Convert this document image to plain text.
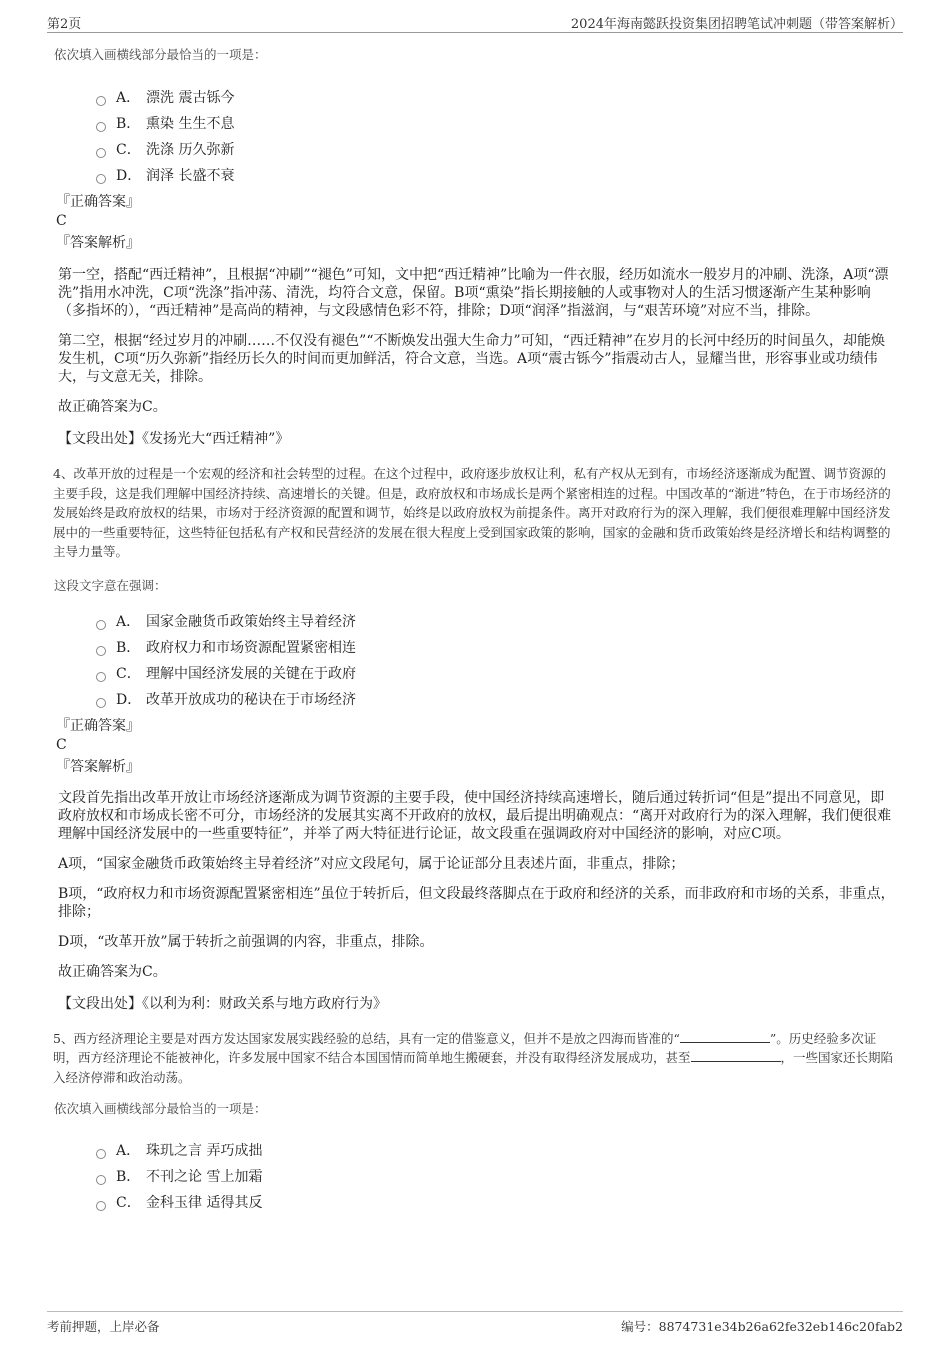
第2页	2024年海南懿跃投资集团招聘笔试冲刺题（带答案解析）
依次填入画横线部分最恰当的一项是：
A． 漂洗 震古铄今
B． 熏染 生生不息
C． 洗涤 历久弥新
D． 润泽 长盛不衰
『正确答案』
C
『答案解析』

第一空，搭配“西迁精神”，且根据“冲刷”“褪色”可知，文中把“西迁精神”比喻为一件衣服，经历如流水一般岁月的冲刷、洗涤，A项“漂洗”指用水冲洗，C项“洗涤”指冲荡、清洗，均符合文意，保留。B项“熏染”指长期接触的人或事物对人的生活习惯逐渐产生某种影响（多指坏的），“西迁精神”是高尚的精神，与文段感情色彩不符，排除；D项“润泽”指滋润，与“艰苦环境”对应不当，排除。

第二空，根据“经过岁月的冲刷……不仅没有褪色”“不断焕发出强大生命力”可知，“西迁精神”在岁月的长河中经历的时间虽久，却能焕发生机，C项“历久弥新”指经历长久的时间而更加鲜活，符合文意，当选。A项“震古铄今”指震动古人，显耀当世，形容事业或功绩伟大，与文意无关，排除。

故正确答案为C。

【文段出处】《发扬光大“西迁精神”》
4、改革开放的过程是一个宏观的经济和社会转型的过程。在这个过程中，政府逐步放权让利，私有产权从无到有，市场经济逐渐成为配置、调节资源的主要手段，这是我们理解中国经济持续、高速增长的关键。但是，政府放权和市场成长是两个紧密相连的过程。中国改革的“渐进”特色，在于市场经济的发展始终是政府放权的结果，市场对于经济资源的配置和调节，始终是以政府放权为前提条件。离开对政府行为的深入理解，我们便很难理解中国经济发展中的一些重要特征，这些特征包括私有产权和民营经济的发展在很大程度上受到国家政策的影响，国家的金融和货币政策始终是经济增长和结构调整的主导力量等。
这段文字意在强调：
A． 国家金融货币政策始终主导着经济
B． 政府权力和市场资源配置紧密相连
C． 理解中国经济发展的关键在于政府
D． 改革开放成功的秘诀在于市场经济
『正确答案』
C
『答案解析』

文段首先指出改革开放让市场经济逐渐成为调节资源的主要手段，使中国经济持续高速增长，随后通过转折词“但是”提出不同意见，即政府放权和市场成长密不可分，市场经济的发展其实离不开政府的放权，最后提出明确观点：“离开对政府行为的深入理解，我们便很难理解中国经济发展中的一些重要特征”，并举了两大特征进行论证，故文段重在强调政府对中国经济的影响，对应C项。

A项，“国家金融货币政策始终主导着经济”对应文段尾句，属于论证部分且表述片面，非重点，排除；

B项，“政府权力和市场资源配置紧密相连”虽位于转折后，但文段最终落脚点在于政府和经济的关系，而非政府和市场的关系，非重点，排除；

D项，“改革开放”属于转折之前强调的内容，非重点，排除。

故正确答案为C。

【文段出处】《以利为利：财政关系与地方政府行为》
5、西方经济理论主要是对西方发达国家发展实践经验的总结，具有一定的借鉴意义，但并不是放之四海而皆准的“	”。历史经验多次证明，西方经济理论不能被神化，许多发展中国家不结合本国国情而简单地生搬硬套，并没有取得经济发展成功，甚至	，一些国家还长期陷入经济停滞和政治动荡。
依次填入画横线部分最恰当的一项是：
A． 珠玑之言 弄巧成拙
B． 不刊之论 雪上加霜
C． 金科玉律 适得其反
考前押题，上岸必备	编号：8874731e34b26a62fe32eb146c20fab2
